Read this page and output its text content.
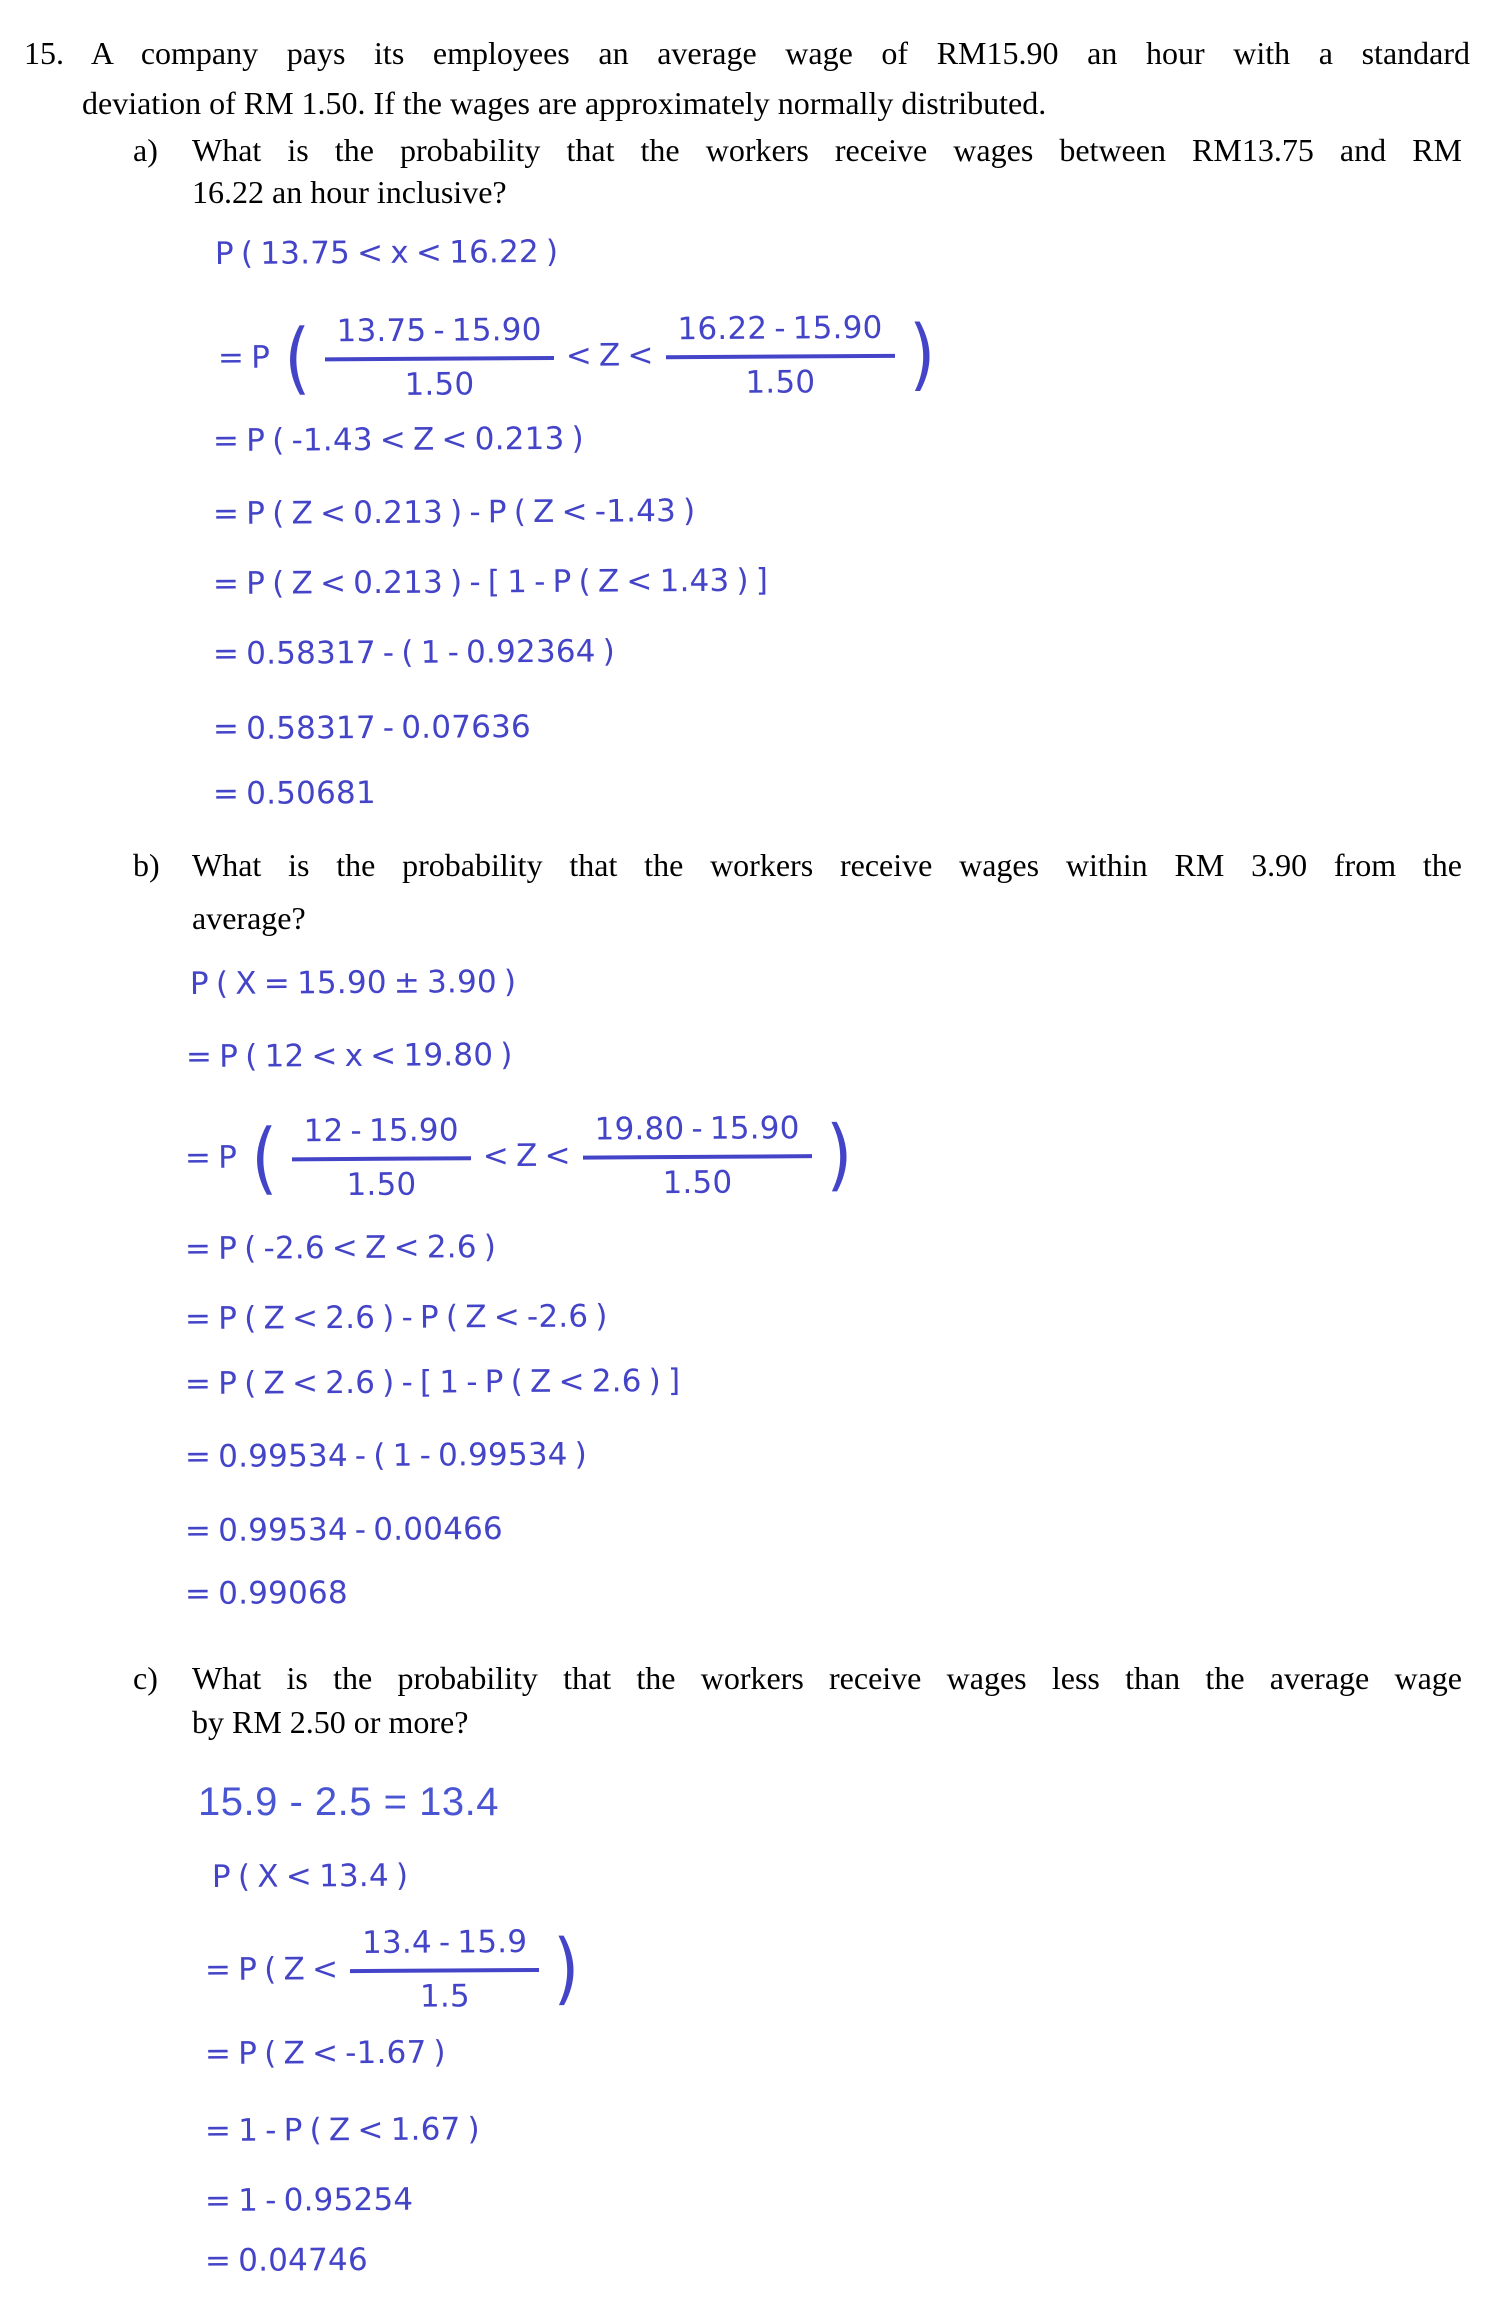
15. A company pays its employees an average wage of RM15.90 an hour with a standard
deviation of RM 1.50. If the wages are approximately normally distributed.
a) What is the probability that the workers receive wages between RM13.75 and RM
16.22 an hour inclusive?
P ( 13.75 < x < 16.22 )
= P ( $\frac{13.75 - 15.90}{1.50} < Z < \frac{16.22 - 15.90}{1.50}$ )
= P ( -1.43 < Z < 0.213 )
= P ( Z < 0.213 ) - P ( Z < -1.43 )
= P ( Z < 0.213 ) - [ 1 - P ( Z < 1.43 ) ]
= 0.58317 - ( 1 - 0.92364 )
= 0.58317 - 0.07636
= 0.50681
b) What is the probability that the workers receive wages within RM 3.90 from the
average?
P ( X = 15.90 ± 3.90 )
= P ( 12 < x < 19.80 )
= P ( $\frac{12 - 15.90}{1.50} < Z < \frac{19.80 - 15.90}{1.50}$ )
= P ( -2.6 < Z < 2.6 )
= P ( Z < 2.6 ) - P ( Z < -2.6 )
= P ( Z < 2.6 ) - [ 1 - P ( Z < 2.6 ) ]
= 0.99534 - ( 1 - 0.99534 )
= 0.99534 - 0.00466
= 0.99068
c) What is the probability that the workers receive wages less than the average wage
by RM 2.50 or more?
15.9 - 2.5 = 13.4
P ( X < 13.4 )
= P ( $Z < \frac{13.4 - 15.9}{1.5}$ )
= P ( Z < -1.67 )
= 1 - P ( Z < 1.67 )
= 1 - 0.95254
= 0.04746
